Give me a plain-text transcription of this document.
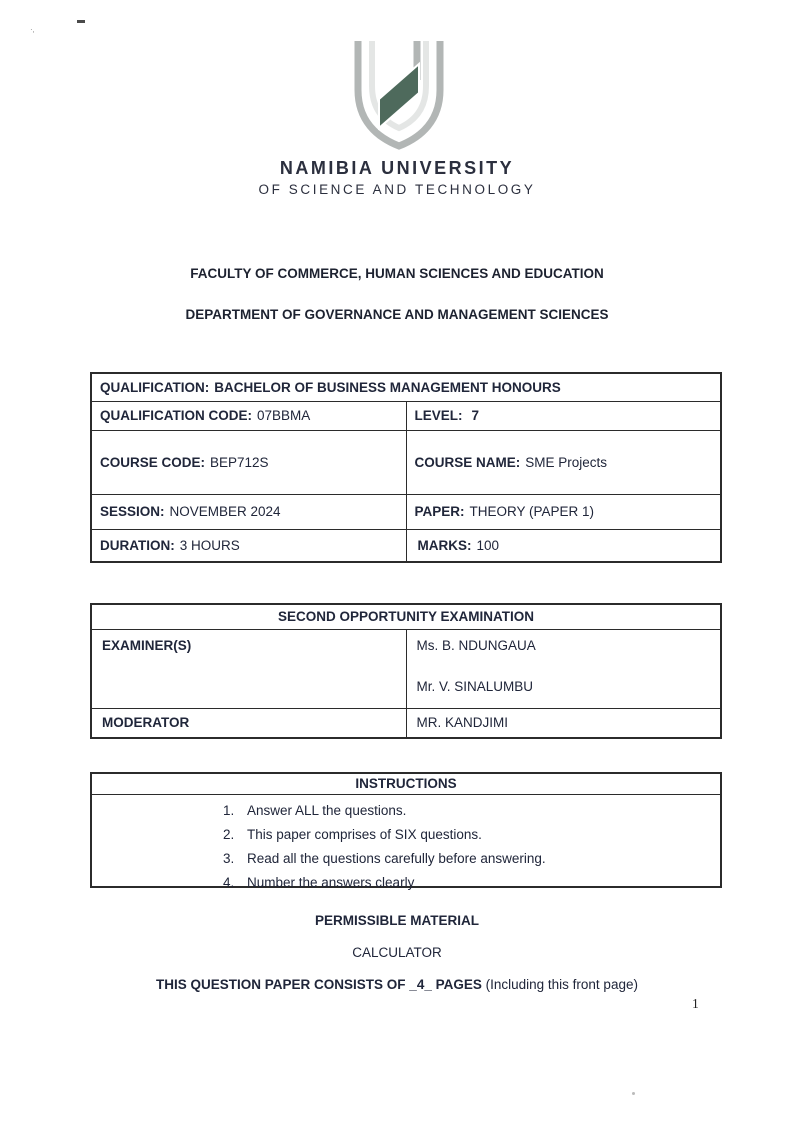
·‚
NAMIBIA UNIVERSITY
OF SCIENCE AND TECHNOLOGY
FACULTY OF COMMERCE, HUMAN SCIENCES AND EDUCATION
DEPARTMENT OF GOVERNANCE AND MANAGEMENT SCIENCES
QUALIFICATION: BACHELOR OF BUSINESS MANAGEMENT HONOURS	
QUALIFICATION CODE: 07BBMA	LEVEL: 7
COURSE CODE: BEP712S	COURSE NAME: SME Projects
SESSION: NOVEMBER 2024	PAPER: THEORY (PAPER 1)
DURATION: 3 HOURS	MARKS: 100
SECOND OPPORTUNITY EXAMINATION	
EXAMINER(S)	Ms. B. NDUNGAUA
Mr. V. SINALUMBU

MODERATOR	MR. KANDJIMI
INSTRUCTIONS
Answer ALL the questions.
This paper comprises of SIX questions.
Read all the questions carefully before answering.
Number the answers clearly
PERMISSIBLE MATERIAL
CALCULATOR
THIS QUESTION PAPER CONSISTS OF _4_ PAGES (Including this front page)
1
